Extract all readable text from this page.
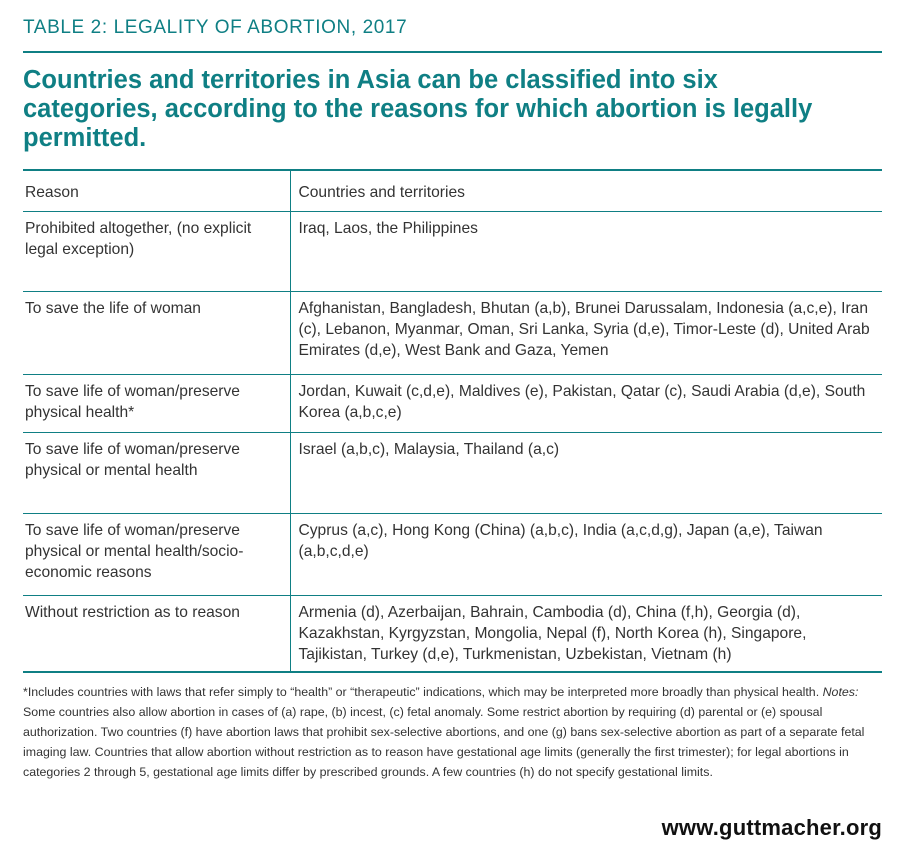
TABLE 2: LEGALITY OF ABORTION, 2017
Countries and territories in Asia can be classified into six categories, according to the reasons for which abortion is legally permitted.
Reason	Countries and territories
Prohibited altogether, (no explicit legal exception)	Iraq, Laos, the Philippines
To save the life of woman	Afghanistan, Bangladesh, Bhutan (a,b), Brunei Darussalam, Indonesia (a,c,e), Iran (c), Lebanon, Myanmar, Oman, Sri Lanka, Syria (d,e), Timor-Leste (d), United Arab Emirates (d,e), West Bank and Gaza, Yemen
To save life of woman/preserve physical health*	Jordan, Kuwait (c,d,e), Maldives (e), Pakistan, Qatar (c), Saudi Arabia (d,e), South Korea (a,b,c,e)
To save life of woman/preserve physical or mental health	Israel (a,b,c), Malaysia, Thailand (a,c)
To save life of woman/preserve physical or mental health/socio-economic reasons	Cyprus (a,c), Hong Kong (China) (a,b,c), India (a,c,d,g), Japan (a,e), Taiwan (a,b,c,d,e)
Without restriction as to reason	Armenia (d), Azerbaijan, Bahrain, Cambodia (d), China (f,h), Georgia (d), Kazakhstan, Kyrgyzstan, Mongolia, Nepal (f), North Korea (h), Singapore, Tajikistan, Turkey (d,e), Turkmenistan, Uzbekistan, Vietnam (h)
*Includes countries with laws that refer simply to “health” or “therapeutic” indications, which may be interpreted more broadly than physical health. Notes: Some countries also allow abortion in cases of (a) rape, (b) incest, (c) fetal anomaly. Some restrict abortion by requiring (d) parental or (e) spousal authorization. Two countries (f) have abortion laws that prohibit sex-selective abortions, and one (g) bans sex-selective abortion as part of a separate fetal imaging law. Countries that allow abortion without restriction as to reason have gestational age limits (generally the first trimester); for legal abortions in categories 2 through 5, gestational age limits differ by prescribed grounds. A few countries (h) do not specify gestational limits.
www.guttmacher.org
